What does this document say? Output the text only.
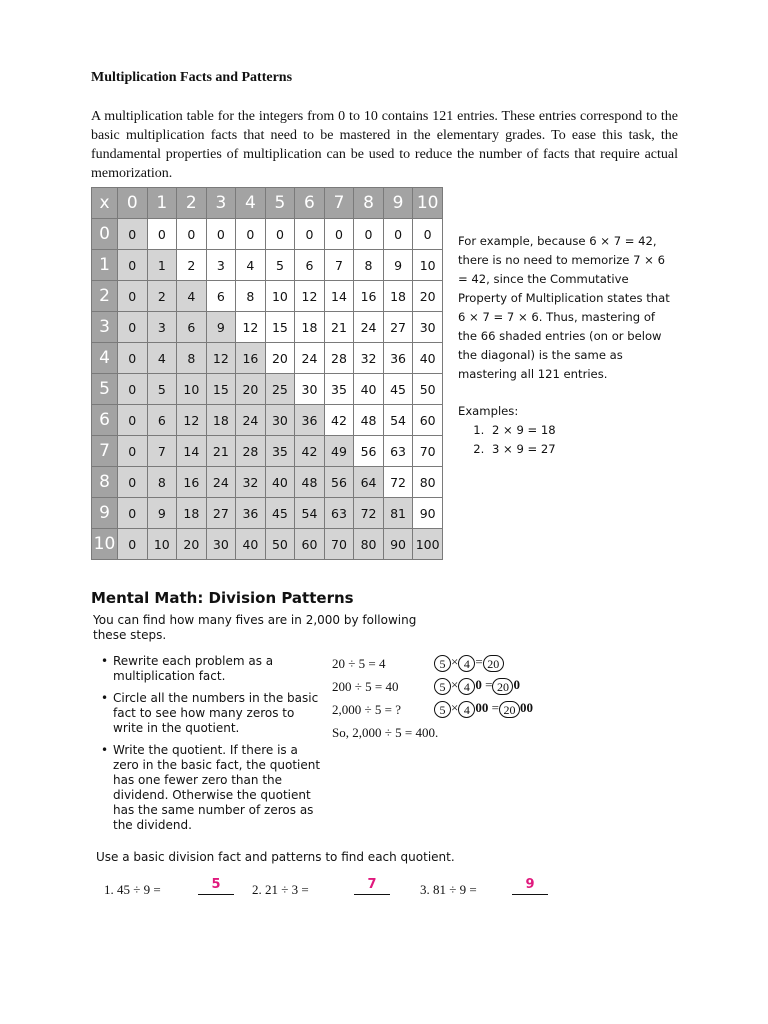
Multiplication Facts and Patterns
A multiplication table for the integers from 0 to 10 contains 121 entries. These entries correspond to the basic multiplication facts that need to be mastered in the elementary grades. To ease this task, the fundamental properties of multiplication can be used to reduce the number of facts that require actual memorization.
x	0	1	2	3	4	5	6	7	8	9	10
0	0	0	0	0	0	0	0	0	0	0	0
1	0	1	2	3	4	5	6	7	8	9	10
2	0	2	4	6	8	10	12	14	16	18	20
3	0	3	6	9	12	15	18	21	24	27	30
4	0	4	8	12	16	20	24	28	32	36	40
5	0	5	10	15	20	25	30	35	40	45	50
6	0	6	12	18	24	30	36	42	48	54	60
7	0	7	14	21	28	35	42	49	56	63	70
8	0	8	16	24	32	40	48	56	64	72	80
9	0	9	18	27	36	45	54	63	72	81	90
10	0	10	20	30	40	50	60	70	80	90	100
For example, because 6 × 7 = 42, there is no need to memorize 7 × 6 = 42, since the Commutative Property of Multiplication states that 6 × 7 = 7 × 6. Thus, mastering of the 66 shaded entries (on or below the diagonal) is the same as mastering all 121 entries.
Examples:
1. 2 × 9 = 18
2. 3 × 9 = 27
Mental Math: Division Patterns
You can find how many fives are in 2,000 by following these steps.
• Rewrite each problem as a multiplication fact.
• Circle all the numbers in the basic fact to see how many zeros to write in the quotient.
• Write the quotient. If there is a zero in the basic fact, the quotient has one fewer zero than the dividend. Otherwise the quotient has the same number of zeros as the dividend.
20 ÷ 5 = 4
200 ÷ 5 = 40
2,000 ÷ 5 = ?
So, 2,000 ÷ 5 = 400.
5 × 4 = 20
5 × 4 0 = 20 0
5 × 4 00 = 20 00
Use a basic division fact and patterns to find each quotient.
1. 45 ÷ 9 =	5	2. 21 ÷ 3 =	7	3. 81 ÷ 9 =	9
